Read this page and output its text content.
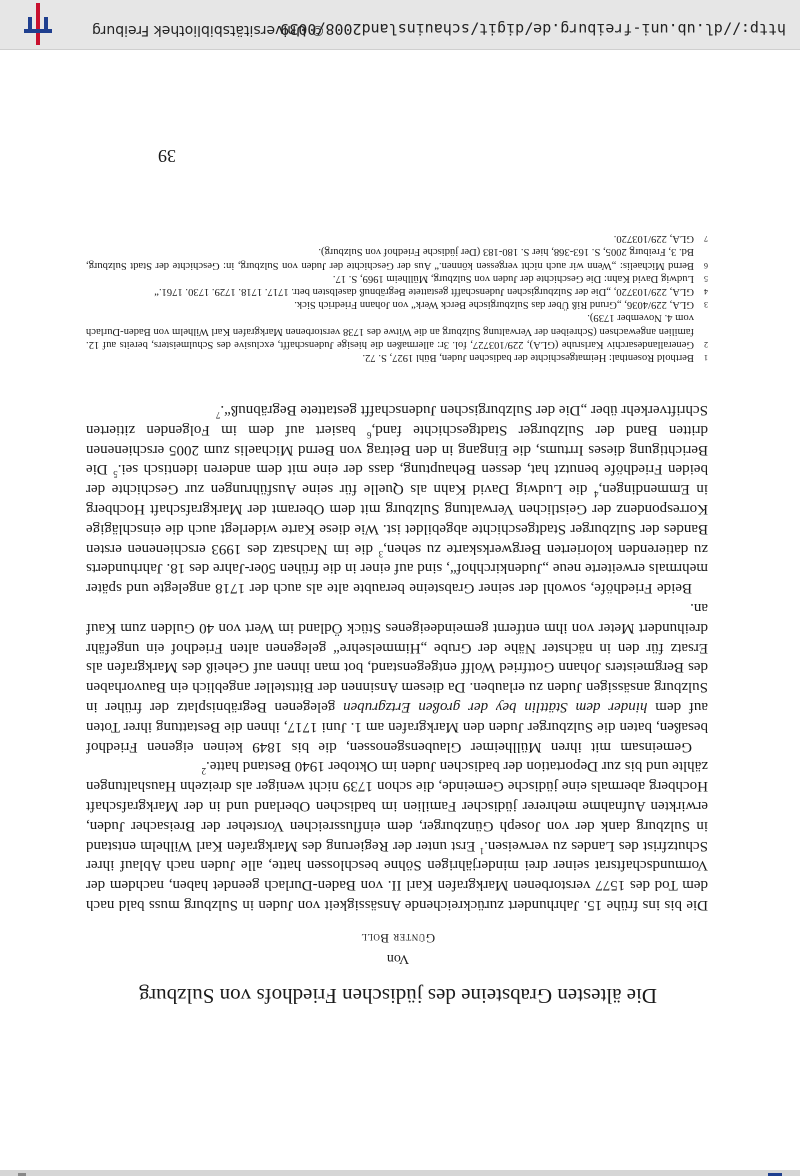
Die ältesten Grabsteine des jüdischen Friedhofs von Sulzburg
Von
Günter Boll

Die bis ins frühe 15. Jahrhundert zurückreichende Ansässigkeit von Juden in Sulzburg muss bald nach dem Tod des 1577 verstorbenen Markgrafen Karl II. von Baden-Durlach geendet haben, nachdem der Vormundschaftsrat seiner drei minderjährigen Söhne beschlossen hatte, alle Juden nach Ablauf ihrer Schutzfrist des Landes zu verweisen.$^1$ Erst unter der Regierung des Markgrafen Karl Wilhelm entstand in Sulzburg dank der von Joseph Günzburger, dem einflussreichen Vorsteher der Breisacher Juden, erwirkten Aufnahme mehrerer jüdischer Familien im badischen Oberland und in der Markgrafschaft Hochberg abermals eine jüdische Gemeinde, die schon 1739 nicht weniger als dreizehn Haushaltungen zählte und bis zur Deportation der badischen Juden im Oktober 1940 Bestand hatte.$^2$

Gemeinsam mit ihren Müllheimer Glaubensgenossen, die bis 1849 keinen eigenen Friedhof besaßen, baten die Sulzburger Juden den Markgrafen am 1. Juni 1717, ihnen die Bestattung ihrer Toten auf dem hinder dem Stättlin bey der großen Ertzgruben gelegenen Begräbnisplatz der früher in Sulzburg ansässigen Juden zu erlauben. Da diesem Ansinnen der Bittsteller angeblich ein Bauvorhaben des Bergmeisters Johann Gottfried Wolff entgegenstand, bot man ihnen auf Geheiß des Markgrafen als Ersatz für den in nächster Nähe der Grube „Himmelsehre“ gelegenen alten Friedhof ein ungefähr dreihundert Meter von ihm entfernt gemeindeeigenes Stück Ödland im Wert von 40 Gulden zum Kauf an.

Beide Friedhöfe, sowohl der seiner Grabsteine beraubte alte als auch der 1718 angelegte und später mehrmals erweiterte neue „Judenkirchhof“, sind auf einer in die frühen 50er-Jahre des 18. Jahrhunderts zu datierenden kolorierten Bergwerkskarte zu sehen,$^3$ die im Nachsatz des 1993 erschienenen ersten Bandes der Sulzburger Stadtgeschichte abgebildet ist. Wie diese Karte widerlegt auch die einschlägige Korrespondenz der Geistlichen Verwaltung Sulzburg mit dem Oberamt der Markgrafschaft Hochberg in Emmendingen,$^4$ die Ludwig David Kahn als Quelle für seine Ausführungen zur Geschichte der beiden Friedhöfe benutzt hat, dessen Behauptung, dass der eine mit dem anderen identisch sei.$^5$ Die Berichtigung dieses Irrtums, die Eingang in den Beitrag von Bernd Michaelis zum 2005 erschienenen dritten Band der Sulzburger Stadtgeschichte fand,$^6$ basiert auf dem im Folgenden zitierten Schriftverkehr über „Die der Sulzburgischen Judenschafft gestattete Begräbnuß“.$^7$

1Berthold Rosenthal: Heimatgeschichte der badischen Juden, Bühl 1927, S. 72.
2Generallandesarchiv Karlsruhe (GLA), 229/103727, fol. 3r: allermaßen die hiesige Judenschafft, exclusive des Schulmeisters, bereits auf 12. familien angewachsen (Schreiben der Verwaltung Sulzburg an die Witwe des 1738 verstorbenen Markgrafen Karl Wilhelm von Baden-Durlach vom 4. November 1739).
3GLA, 229/4036, „Grund Riß Über das Sulzburgische Berck Werk“ von Johann Friedrich Sick.
4GLA, 229/103720, „Die der Sulzburgischen Judenschafft gestattete Begräbnuß daselbsten betr. 1717. 1718. 1729. 1730. 1761.“
5Ludwig David Kahn: Die Geschichte der Juden von Sulzburg, Müllheim 1969, S. 17.
6Bernd Michaelis: „Wenn wir auch nicht vergessen können.“ Aus der Geschichte der Juden von Sulzburg, in: Geschichte der Stadt Sulzburg, Bd. 3, Freiburg 2005, S. 163-368, hier S. 180-183 (Der jüdische Friedhof von Sulzburg).
7GLA, 229/103720.
39
http://dl.ub.uni-freiburg.de/digit/schauinsland2008/0039
© Universitätsbibliothek Freiburg
